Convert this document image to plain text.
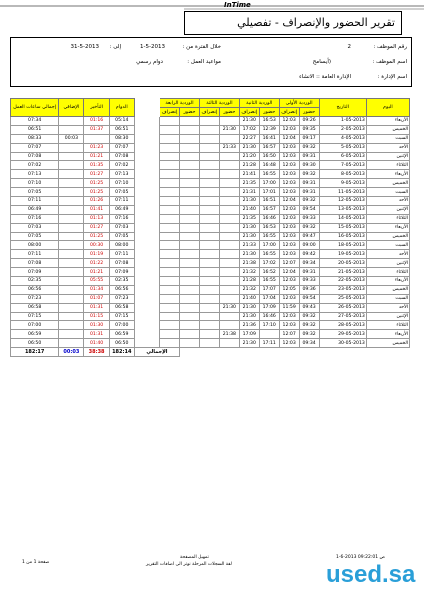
InTime
تقرير الحضور والإنصراف - تفصيلي
رقم الموظف :
2
خلال الفترة من :
1-5-2013
إلى :
31-5-2013
اسم الموظف :
(أيسامح
مواعيد العمل :
دوام رسمي
اسم الإدارة :
الإدارة العامة :: الانشاء
إجمالي ساعات العمل	الإضافي	التأخير	الدوام		الوردية الرابعة		الوردية الثالثة		الوردية الثانية		الوردية الأولى		التاريخ	اليوم
					إنصراف	حضور	إنصراف	حضور	إنصراف	حضور	إنصراف	حضور		
07:34		01:16	05:14						21:30	16:53	12:03	09:26	1-05-2013	الأربعاء
06:51		01:37	06:51					21:30	17:02	12:39	12:03	09:35	2-05-2013	الخميس
08:33	00:03		08:30						22:27	16:41	12:04	09:17	4-05-2013	السبت
07:07		01:23	07:07					21:33	21:30	16:57	12:03	09:32	5-05-2013	الأحد
07:08		01:21	07:08						21:20	16:50	12:03	09:31	6-05-2013	الإثنين
07:02		01:35	07:02						21:28	16:48	12:03	09:30	7-05-2013	الثلاثاء
07:13		01:27	07:13						21:41	16:55	12:03	09:32	8-05-2013	الأربعاء
07:10		01:25	07:10						21:35	17:00	12:03	09:31	9-05-2013	الخميس
07:05		01:25	07:05						21:31	17:01	12:03	09:31	11-05-2013	السبت
07:11		01:26	07:11						21:30	16:51	12:04	09:32	12-05-2013	الأحد
06:49		01:41	06:49						21:40	16:57	12:03	09:54	13-05-2013	الإثنين
07:16		01:13	07:16						21:35	16:46	12:03	09:33	14-05-2013	الثلاثاء
07:03		01:27	07:03						21:30	16:53	12:03	09:32	15-05-2013	الأربعاء
07:05		01:25	07:05						21:30	16:55	12:03	09:47	16-05-2013	الخميس
08:00		00:30	08:00						21:33	17:00	12:03	09:00	18-05-2013	السبت
07:11		01:19	07:11						21:30	16:55	12:03	09:42	19-05-2013	الأحد
07:08		01:22	07:08						21:38	17:02	12:07	09:34	20-05-2013	الإثنين
07:09		01:21	07:09						21:32	16:52	12:04	09:31	21-05-2013	الثلاثاء
02:35		05:55	02:35						21:28	16:55	12:03	09:33	22-05-2013	الأربعاء
06:56		01:34	06:56						21:32	17:07	12:05	09:36	23-05-2013	الخميس
07:23		01:07	07:23						21:40	17:04	12:03	09:54	25-05-2013	السبت
06:58		01:31	06:58					21:30	21:30	17:09	11:59	09:43	26-05-2013	الأحد
07:15		01:15	07:15						21:30	16:46	12:03	09:32	27-05-2013	الإثنين
07:00		01:30	07:00						21:36	17:10	12:03	09:32	28-05-2013	الثلاثاء
06:59		01:31	06:59					21:38	17:09		12:07	09:32	29-05-2013	الأربعاء
06:50		01:40	06:50						21:30	17:11	12:03	09:34	30-05-2013	الخميس
182:17	00:03	38:38	182:14	الإجمالي										
صفحة 1 من 1
تمهيل المصفحة
لفة السجلات المرحلة نوتر الى اضافات التقرير
1-6-2013 09:22:01 ص
used.sa
